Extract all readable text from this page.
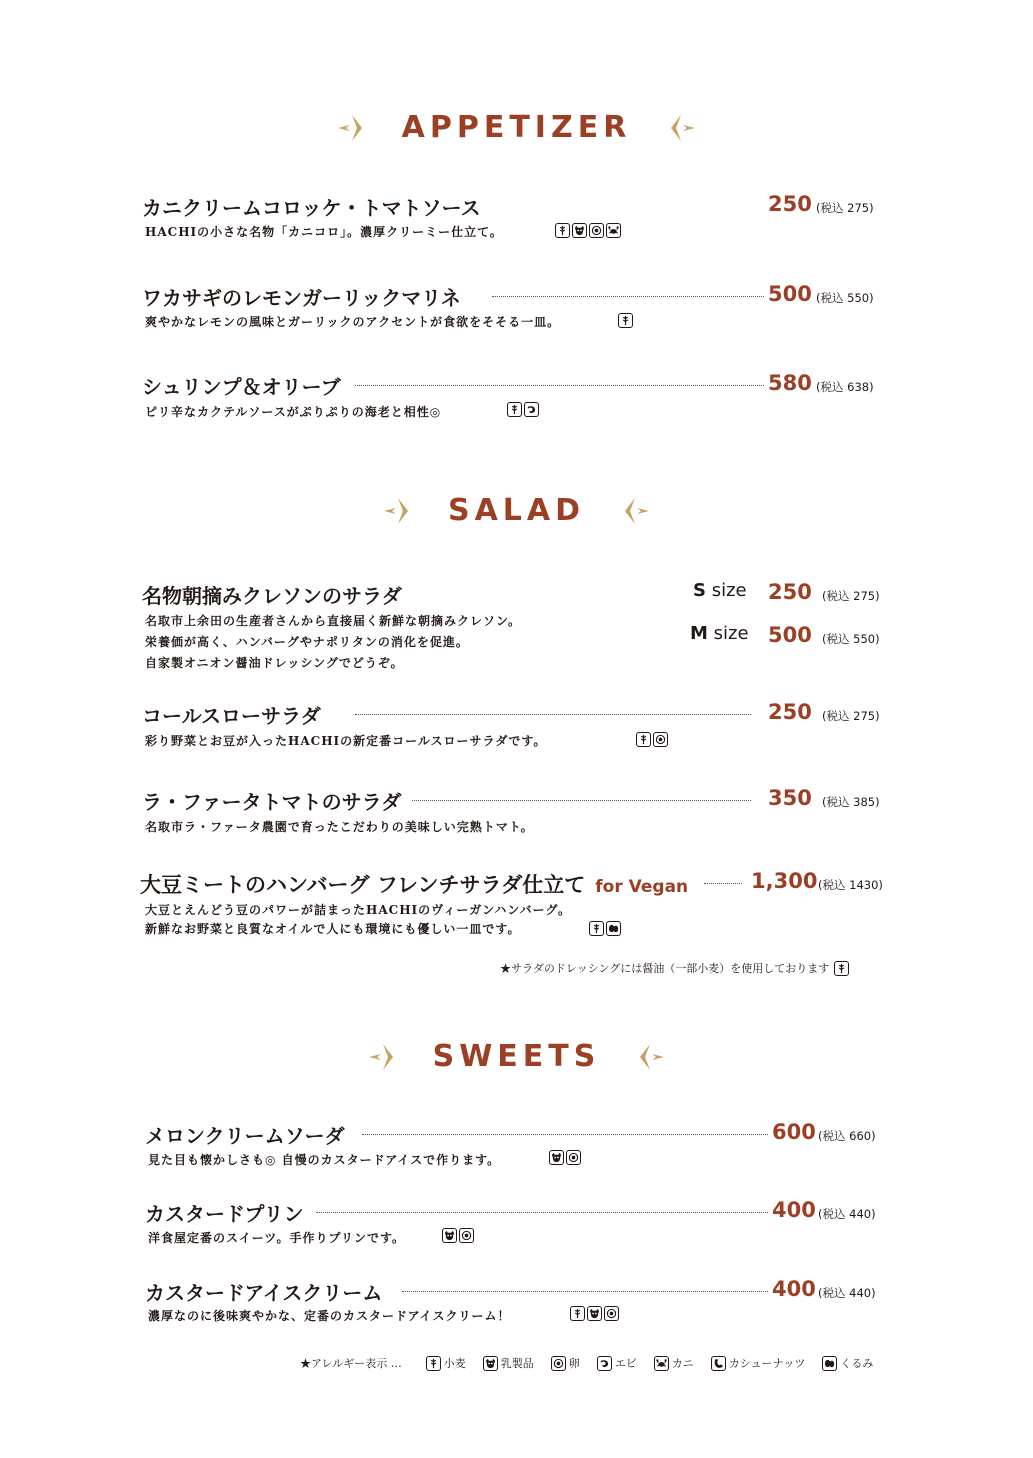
APPETIZER
カニクリームコロッケ・トマトソース	250 (税込 275)
HACHIの小さな名物「カニコロ」。濃厚クリーミー仕立て。
ワカサギのレモンガーリックマリネ	500 (税込 550)
爽やかなレモンの風味とガーリックのアクセントが食欲をそそる一皿。
シュリンプ＆オリーブ	580 (税込 638)
ピリ辛なカクテルソースがぷりぷりの海老と相性◎
SALAD
名物朝摘みクレソンのサラダ
名取市上余田の生産者さんから直接届く新鮮な朝摘みクレソン。
栄養価が高く、ハンバーグやナポリタンの消化を促進。
自家製オニオン醤油ドレッシングでどうぞ。
S size 250 (税込 275)
M size 500 (税込 550)
コールスローサラダ	250 (税込 275)
彩り野菜とお豆が入ったHACHIの新定番コールスローサラダです。
ラ・ファータトマトのサラダ	350 (税込 385)
名取市ラ・ファータ農園で育ったこだわりの美味しい完熟トマト。
大豆ミートのハンバーグ フレンチサラダ仕立て for Vegan	1,300 (税込 1430)
大豆とえんどう豆のパワーが詰まったHACHIのヴィーガンハンバーグ。
新鮮なお野菜と良質なオイルで人にも環境にも優しい一皿です。
★サラダのドレッシングには醤油（一部小麦）を使用しております
SWEETS
メロンクリームソーダ	600 (税込 660)
見た目も懐かしさも◎ 自慢のカスタードアイスで作ります。
カスタードプリン	400 (税込 440)
洋食屋定番のスイーツ。手作りプリンです。
カスタードアイスクリーム	400 (税込 440)
濃厚なのに後味爽やかな、定番のカスタードアイスクリーム！
★アレルギー表示 …	小麦	乳製品	卵	エビ	カニ	カシューナッツ	くるみ
